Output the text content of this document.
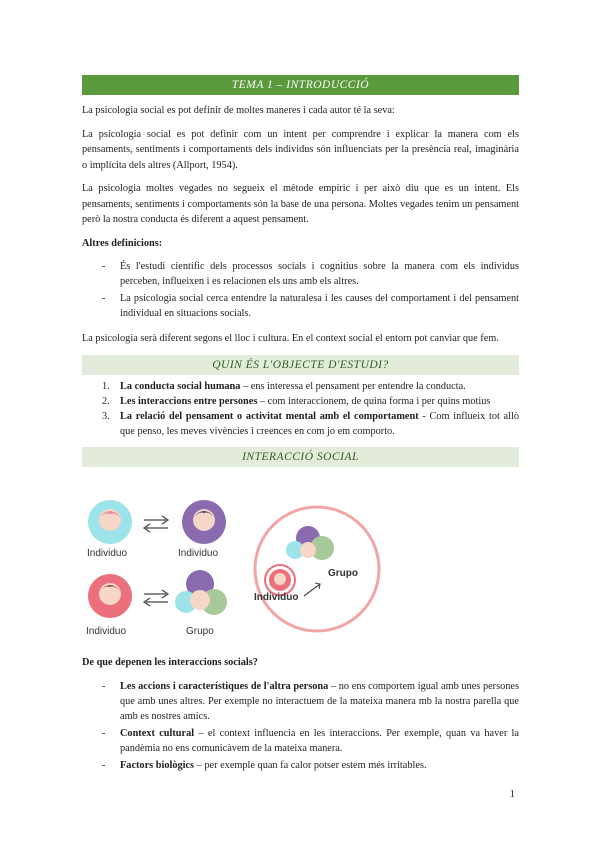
TEMA 1 – INTRODUCCIÓ

La psicologia social es pot definir de moltes maneres i cada autor té la seva:

La psicologia social es pot definir com un intent per comprendre i explicar la manera com els pensaments, sentiments i comportaments dels individus són influenciats per la presència real, imaginària o implícita dels altres (Allport, 1954).

La psicologia moltes vegades no segueix el mètode empíric i per això diu que es un intent. Els pensaments, sentiments i comportaments són la base de una persona. Moltes vegades tenim un pensament però la nostra conducta és diferent a aquest pensament.

Altres definicions:

- És l'estudi científic dels processos socials i cognitius sobre la manera com els individus perceben, influeixen i es relacionen els uns amb els altres.
- La psicologia social cerca entendre la naturalesa i les causes del comportament i del pensament individual en situacions socials.

La psicologia serà diferent segons el lloc i cultura. En el context social el entorn pot canviar que fem.

QUIN ÉS L'OBJECTE D'ESTUDI?
1. La conducta social humana – ens interessa el pensament per entendre la conducta.
2. Les interaccions entre persones – com interaccionem, de quina forma i per quins motius
3. La relació del pensament o activitat mental amb el comportament - Com influeix tot allò que penso, les meves vivències i creences en com jo em comporto.
INTERACCIÓ SOCIAL
Individuo	Individuo
Individuo	Grupo
Individuo
Grupo

De que depenen les interaccions socials?

- Les accions i característiques de l'altra persona – no ens comportem igual amb unes persones que amb unes altres. Per exemple no interactuem de la mateixa manera mb la nostra parella que amb es nostres amics.
- Context cultural – el context influencia en les interaccions. Per exemple, quan va haver la pandèmia no ens comunicàvem de la mateixa manera.
- Factors biològics – per exemple quan fa calor potser estem més irritables.
1
